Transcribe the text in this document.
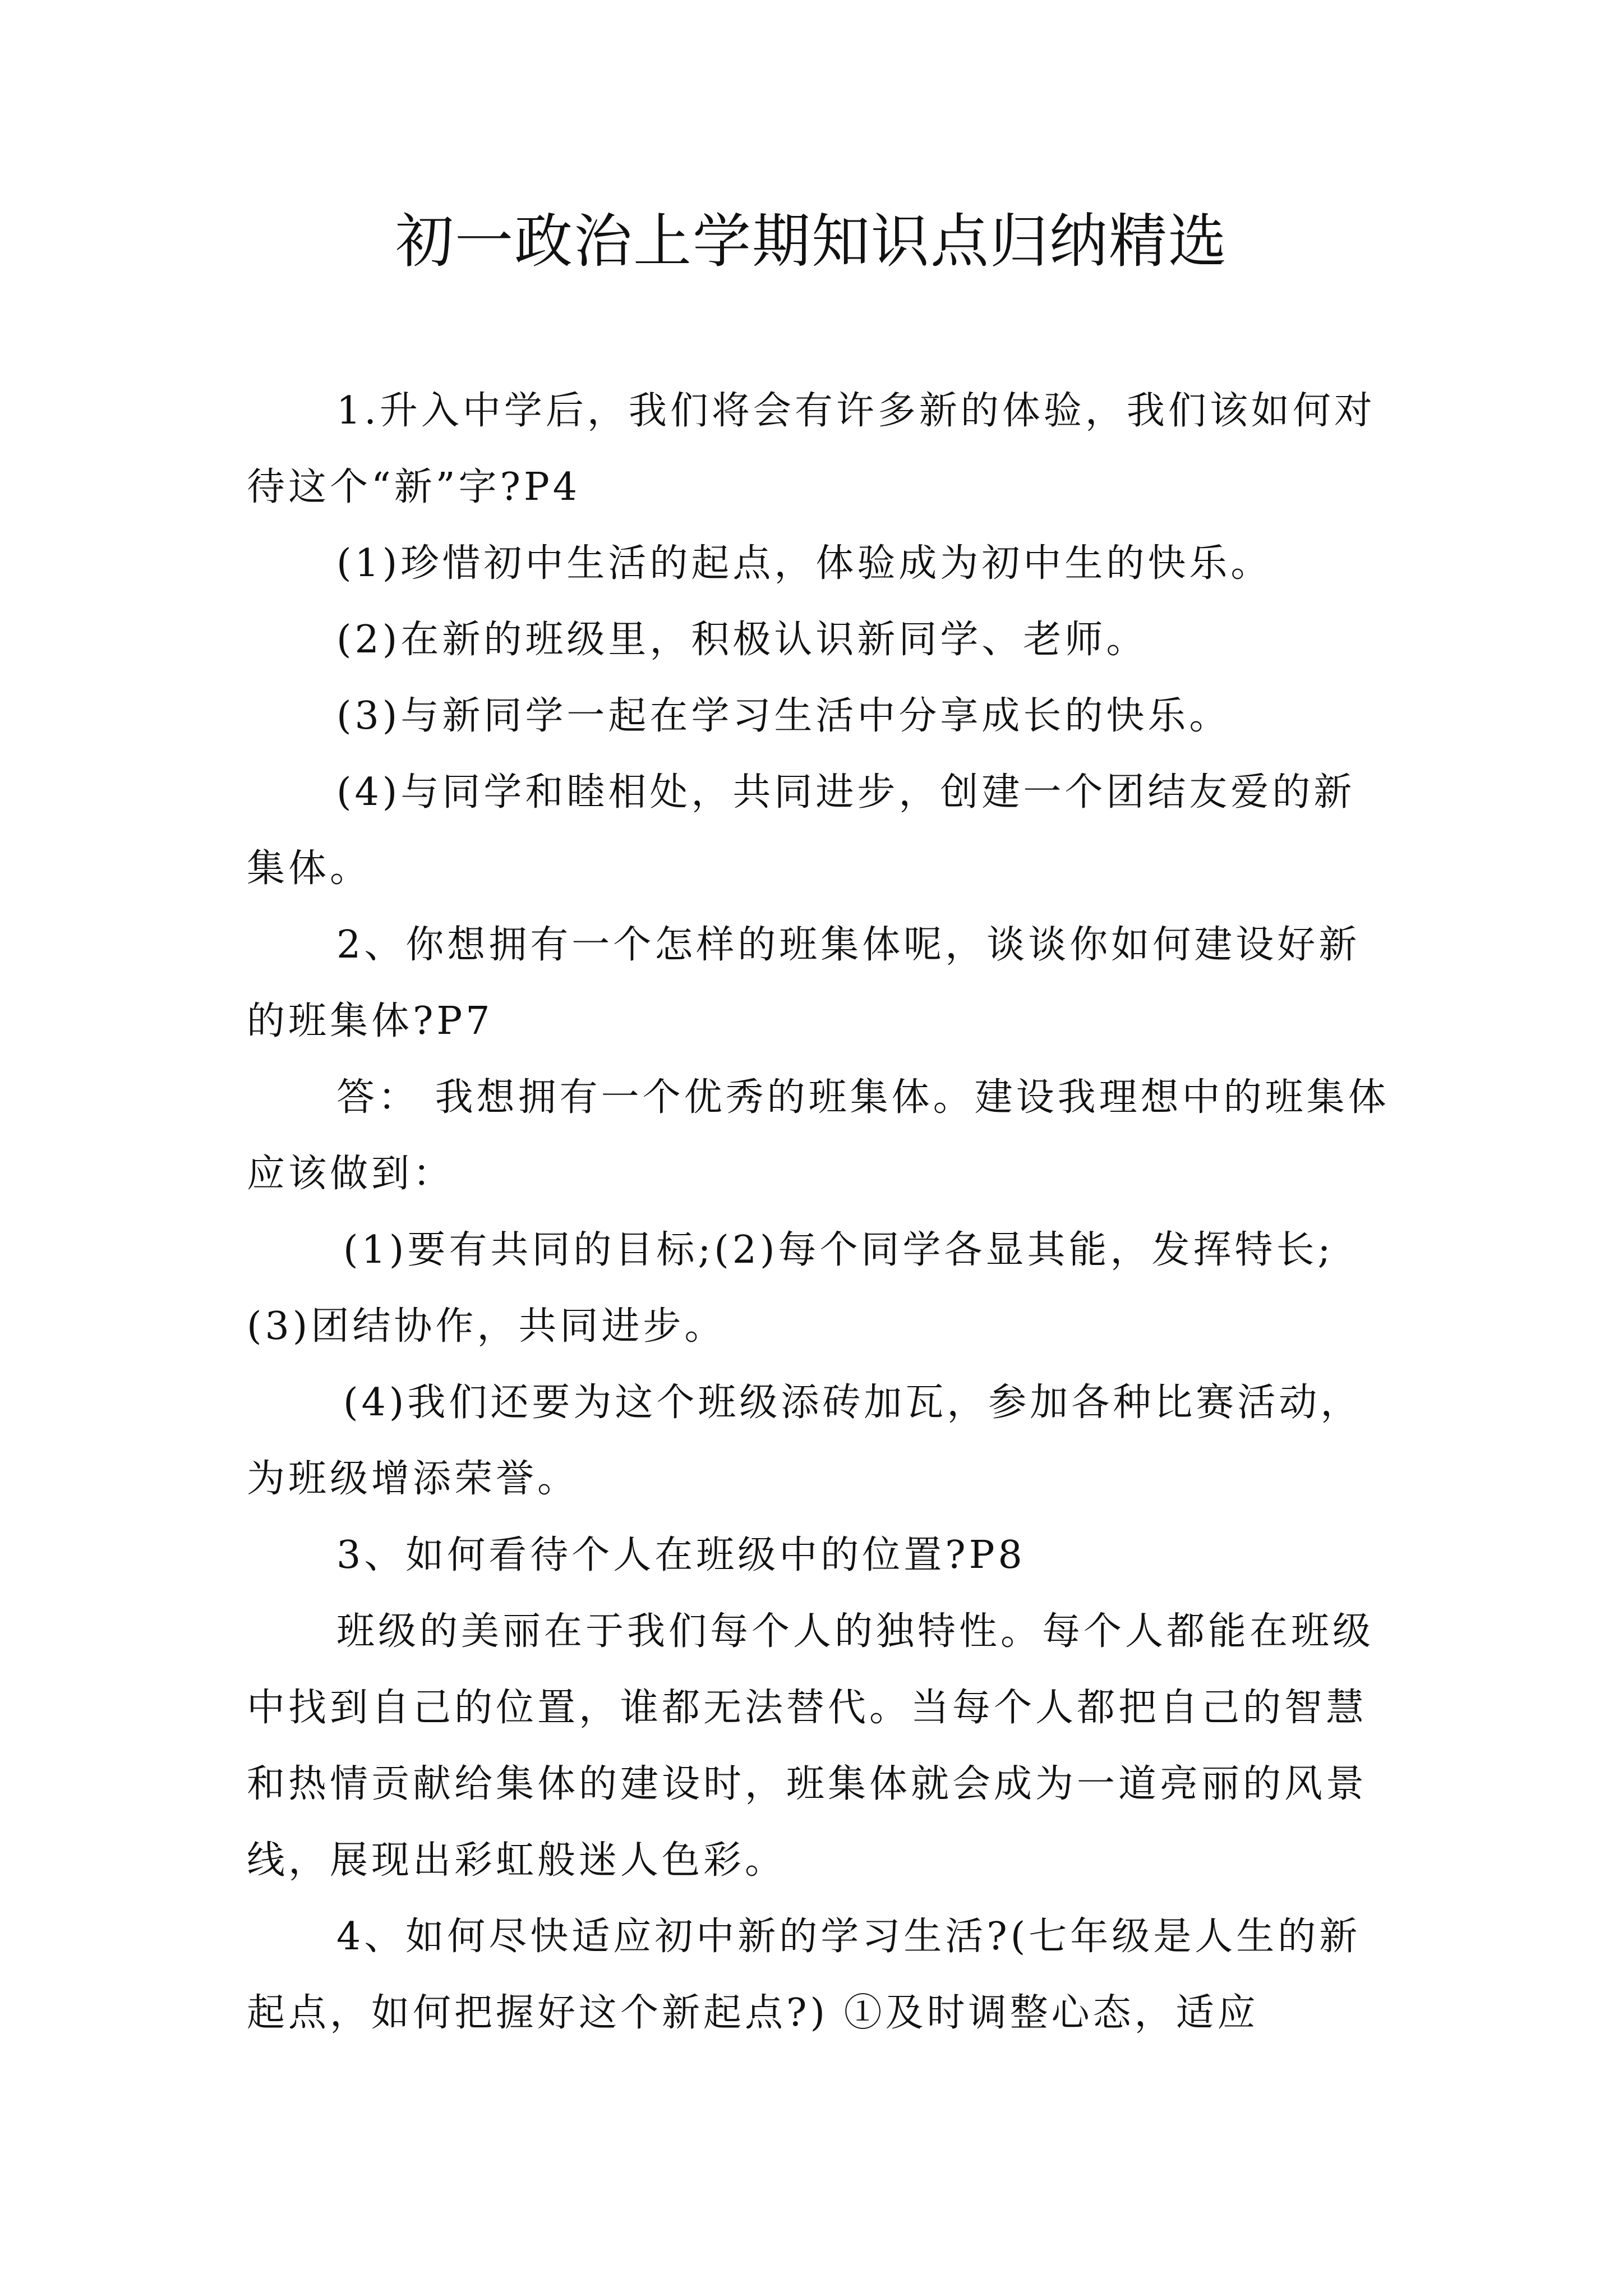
初一政治上学期知识点归纳精选

1.升入中学后，我们将会有许多新的体验，我们该如何对待这个“新”字?P4

(1)珍惜初中生活的起点，体验成为初中生的快乐。

(2)在新的班级里，积极认识新同学、老师。

(3)与新同学一起在学习生活中分享成长的快乐。

(4)与同学和睦相处，共同进步，创建一个团结友爱的新集体。

2、你想拥有一个怎样的班集体呢，谈谈你如何建设好新的班集体?P7

答： 我想拥有一个优秀的班集体。建设我理想中的班集体应该做到：

(1)要有共同的目标;(2)每个同学各显其能，发挥特长;(3)团结协作，共同进步。

(4)我们还要为这个班级添砖加瓦，参加各种比赛活动，为班级增添荣誉。

3、如何看待个人在班级中的位置?P8

班级的美丽在于我们每个人的独特性。每个人都能在班级中找到自己的位置，谁都无法替代。当每个人都把自己的智慧和热情贡献给集体的建设时，班集体就会成为一道亮丽的风景线，展现出彩虹般迷人色彩。

4、如何尽快适应初中新的学习生活?(七年级是人生的新起点，如何把握好这个新起点?) ①及时调整心态，适应
